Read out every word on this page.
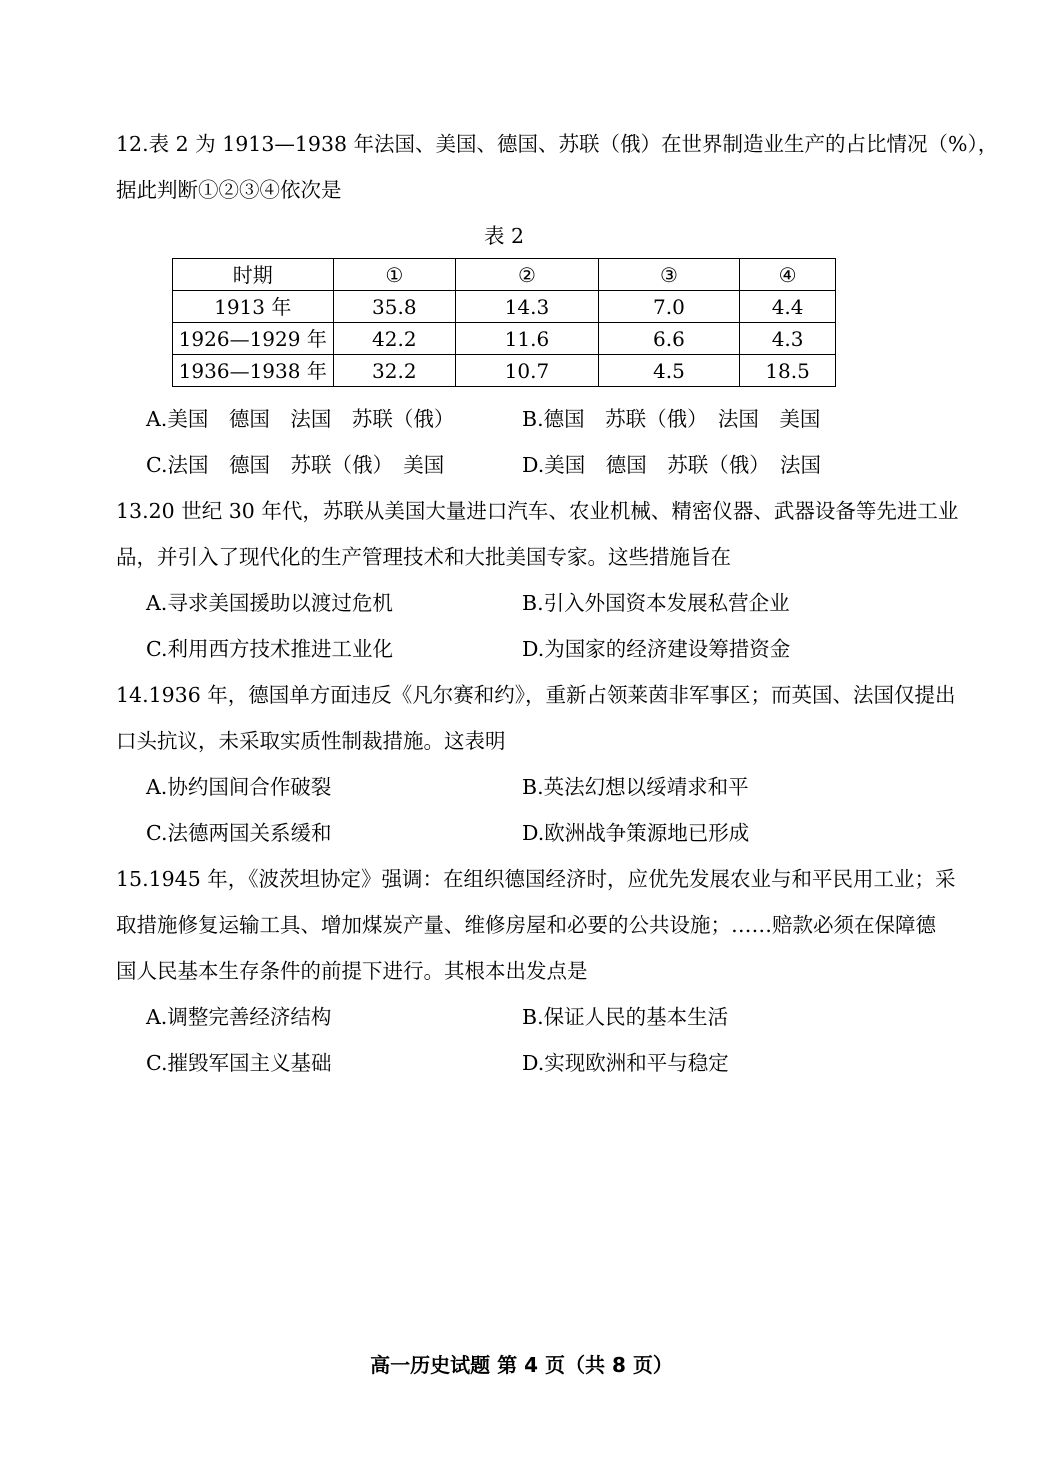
12.表 2 为 1913—1938 年法国、美国、德国、苏联（俄）在世界制造业生产的占比情况（%），
据此判断①②③④依次是
表 2
时期	①	②	③	④
1913 年	35.8	14.3	7.0	4.4
1926—1929 年	42.2	11.6	6.6	4.3
1936—1938 年	32.2	10.7	4.5	18.5
A.美国　德国　法国　苏联（俄）	B.德国　苏联（俄）　法国　美国
C.法国　德国　苏联（俄）　美国	D.美国　德国　苏联（俄）　法国
13.20 世纪 30 年代，苏联从美国大量进口汽车、农业机械、精密仪器、武器设备等先进工业
品，并引入了现代化的生产管理技术和大批美国专家。这些措施旨在
A.寻求美国援助以渡过危机	B.引入外国资本发展私营企业
C.利用西方技术推进工业化	D.为国家的经济建设筹措资金
14.1936 年，德国单方面违反《凡尔赛和约》，重新占领莱茵非军事区；而英国、法国仅提出
口头抗议，未采取实质性制裁措施。这表明
A.协约国间合作破裂	B.英法幻想以绥靖求和平
C.法德两国关系缓和	D.欧洲战争策源地已形成
15.1945 年，《波茨坦协定》强调：在组织德国经济时，应优先发展农业与和平民用工业；采
取措施修复运输工具、增加煤炭产量、维修房屋和必要的公共设施；……赔款必须在保障德
国人民基本生存条件的前提下进行。其根本出发点是
A.调整完善经济结构	B.保证人民的基本生活
C.摧毁军国主义基础	D.实现欧洲和平与稳定
高一历史试题 第 4 页（共 8 页）
